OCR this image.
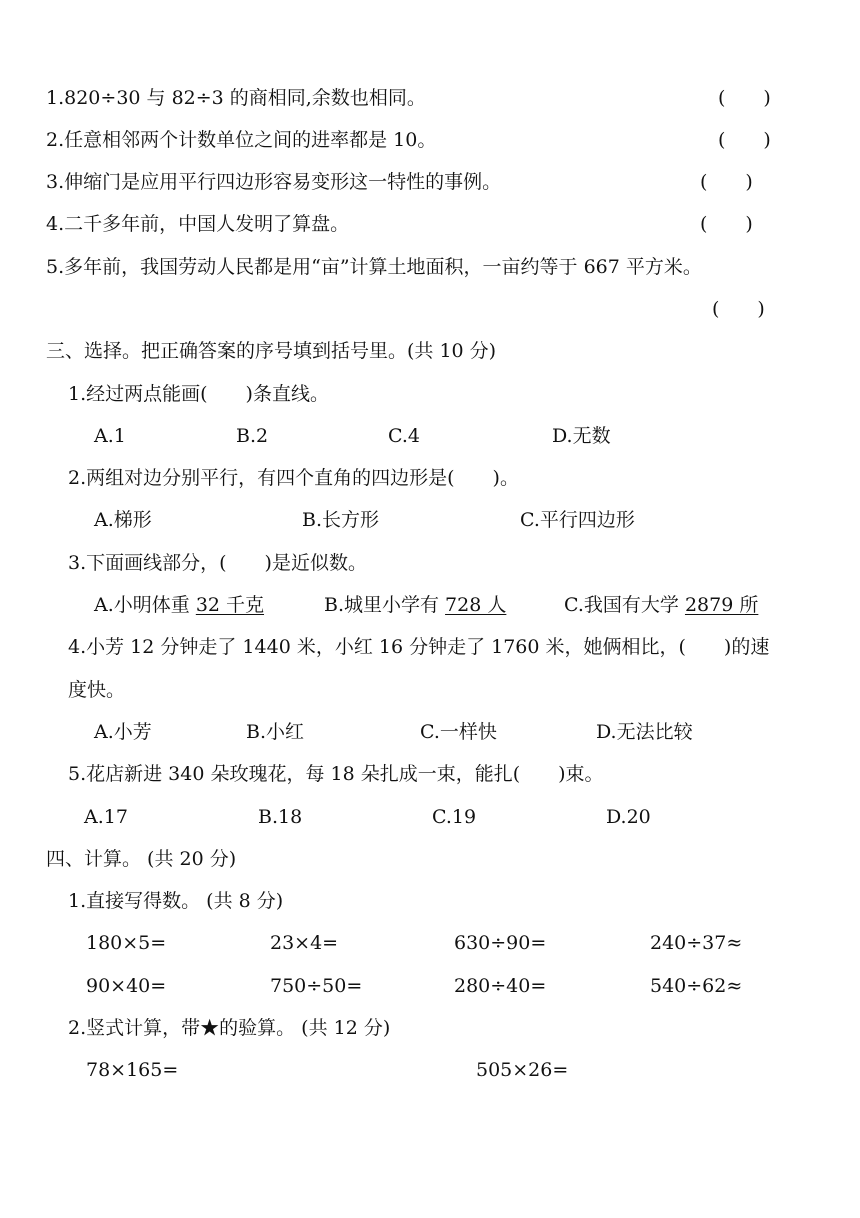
1.820÷30 与 82÷3 的商相同,余数也相同。	(　　)
2.任意相邻两个计数单位之间的进率都是 10。	(　　)
3.伸缩门是应用平行四边形容易变形这一特性的事例。	(　　)
4.二千多年前，中国人发明了算盘。	(　　)
5.多年前，我国劳动人民都是用“亩”计算土地面积，一亩约等于 667 平方米。
(　　)
三、选择。把正确答案的序号填到括号里。(共 10 分)
1.经过两点能画(　　)条直线。
A.1	B.2	C.4	D.无数
2.两组对边分别平行，有四个直角的四边形是(　　)。
A.梯形	B.长方形	C.平行四边形
3.下面画线部分，(　　)是近似数。
A.小明体重 32 千克	B.城里小学有 728 人	C.我国有大学 2879 所
4.小芳 12 分钟走了 1440 米，小红 16 分钟走了 1760 米，她俩相比，(　　)的速
度快。
A.小芳	B.小红	C.一样快	D.无法比较
5.花店新进 340 朵玫瑰花，每 18 朵扎成一束，能扎(　　)束。
A.17	B.18	C.19	D.20
四、计算。 (共 20 分)
1.直接写得数。 (共 8 分)
180×5=	23×4=	630÷90=	240÷37≈
90×40=	750÷50=	280÷40=	540÷62≈
2.竖式计算，带★的验算。 (共 12 分)
78×165=	505×26=
